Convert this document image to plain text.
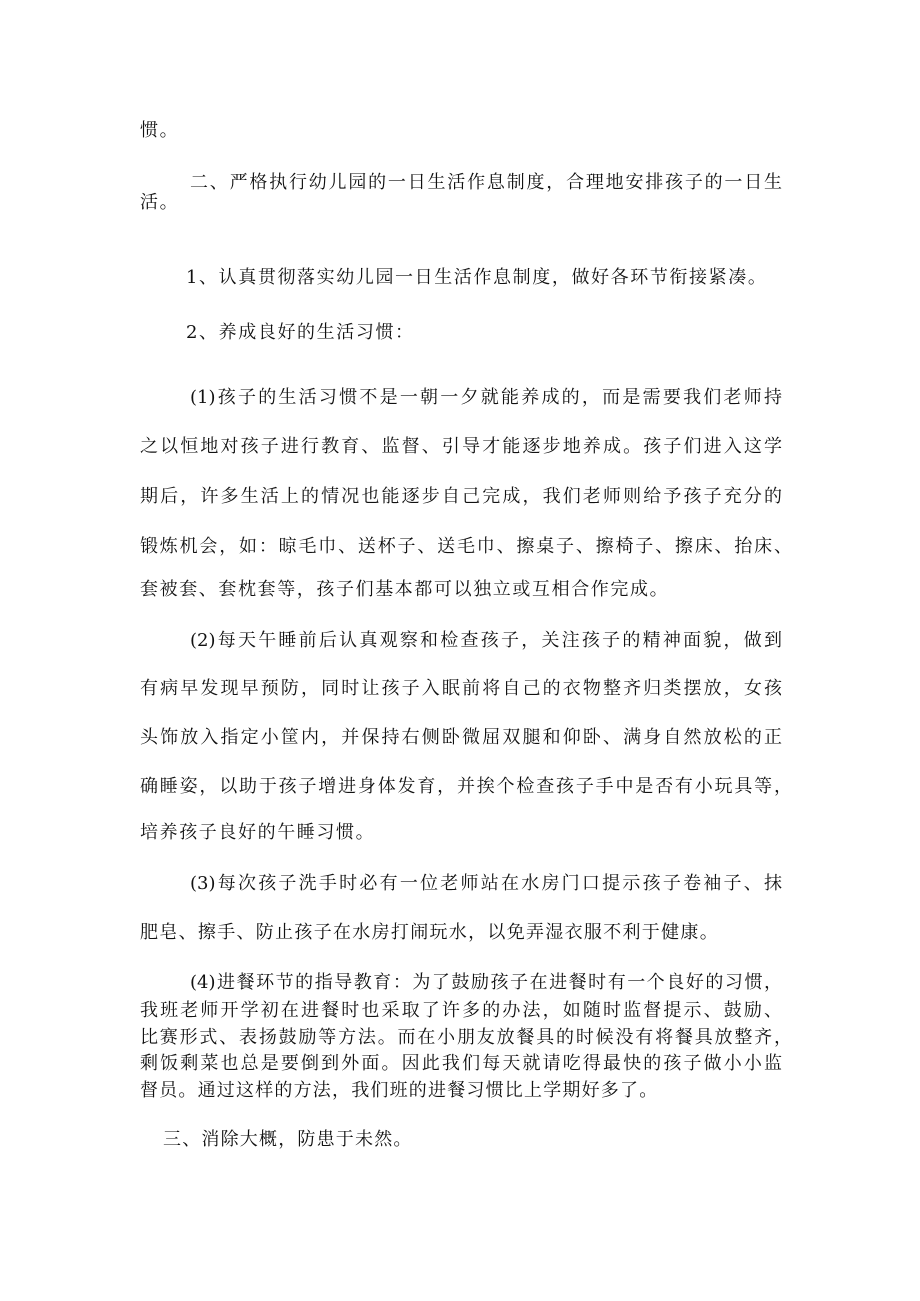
惯。
二、严格执行幼儿园的一日生活作息制度，合理地安排孩子的一日生
活。
1、认真贯彻落实幼儿园一日生活作息制度，做好各环节衔接紧凑。
2、养成良好的生活习惯：
(1)孩子的生活习惯不是一朝一夕就能养成的，而是需要我们老师持
之以恒地对孩子进行教育、监督、引导才能逐步地养成。孩子们进入这学
期后，许多生活上的情况也能逐步自己完成，我们老师则给予孩子充分的
锻炼机会，如：晾毛巾、送杯子、送毛巾、擦桌子、擦椅子、擦床、抬床、
套被套、套枕套等，孩子们基本都可以独立或互相合作完成。
(2)每天午睡前后认真观察和检查孩子，关注孩子的精神面貌，做到
有病早发现早预防，同时让孩子入眠前将自己的衣物整齐归类摆放，女孩
头饰放入指定小筐内，并保持右侧卧微屈双腿和仰卧、满身自然放松的正
确睡姿，以助于孩子增进身体发育，并挨个检查孩子手中是否有小玩具等，
培养孩子良好的午睡习惯。
(3)每次孩子洗手时必有一位老师站在水房门口提示孩子卷袖子、抹
肥皂、擦手、防止孩子在水房打闹玩水，以免弄湿衣服不利于健康。
(4)进餐环节的指导教育：为了鼓励孩子在进餐时有一个良好的习惯，
我班老师开学初在进餐时也采取了许多的办法，如随时监督提示、鼓励、
比赛形式、表扬鼓励等方法。而在小朋友放餐具的时候没有将餐具放整齐，
剩饭剩菜也总是要倒到外面。因此我们每天就请吃得最快的孩子做小小监
督员。通过这样的方法，我们班的进餐习惯比上学期好多了。
三、消除大概，防患于未然。
